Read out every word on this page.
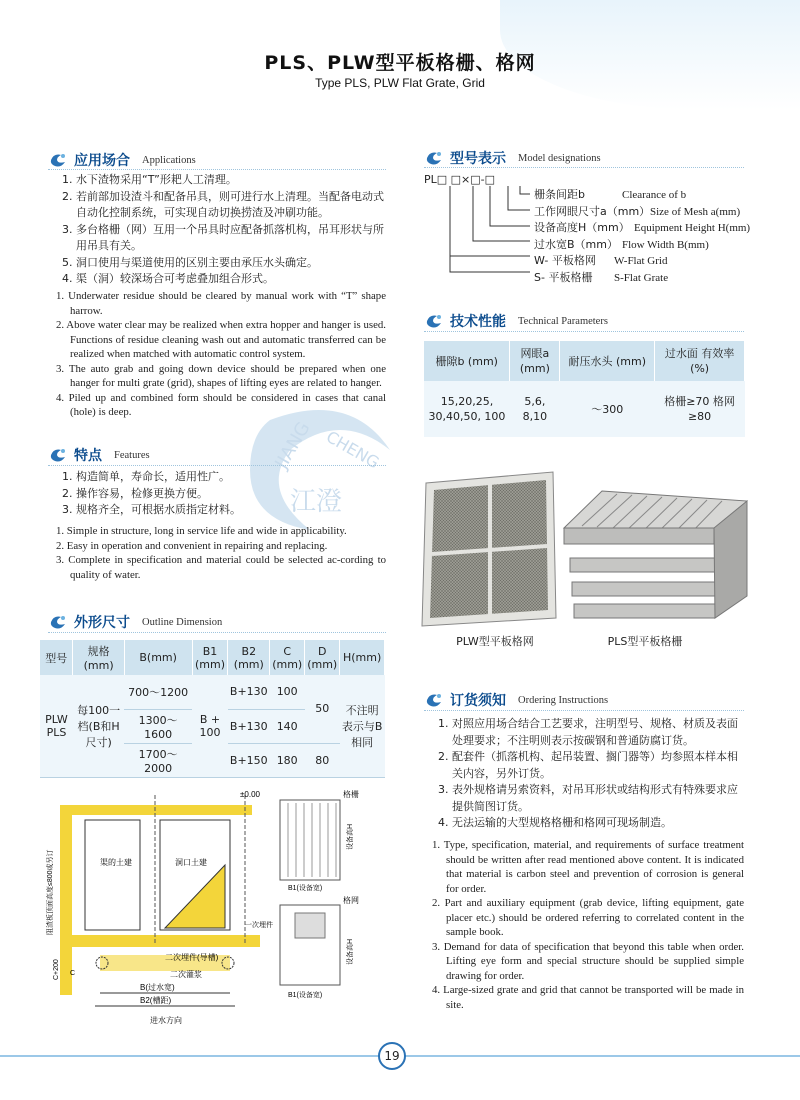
PLS、PLW型平板格栅、格网
Type PLS, PLW Flat Grate, Grid
应用场合 Applications
1. 水下渣物采用“T”形耙人工清理。
2. 若前部加设渣斗和配备吊具，则可进行水上清理。当配备电动式自动化控制系统，可实现自动切换捞渣及冲刷功能。
3. 多台格栅（网）互用一个吊具时应配备抓落机构，吊耳形状与所用吊具有关。
5. 洞口使用与渠道使用的区别主要由承压水头确定。
4. 渠（洞）较深场合可考虑叠加组合形式。
1. Underwater residue should be cleared by manual work with “T” shape harrow.
2. Above water clear may be realized when extra hopper and hanger is used. Functions of residue cleaning wash out and automatic transferred can be realized when matched with automatic control system.
3. The auto grab and going down device should be prepared when one hanger for multi grate (grid), shapes of lifting eyes are related to hanger.
4. Piled up and combined form should be considered in cases that canal (hole) is deep.
JIANG CHENG
江澄
特点 Features
1. 构造简单，寿命长，适用性广。
2. 操作容易，检修更换方便。
3. 规格齐全，可根据水质指定材料。
1. Simple in structure, long in service life and wide in applicability.
2. Easy in operation and convenient in repairing and replacing.
3. Complete in specification and material could be selected ac-cording to quality of water.
外形尺寸 Outline Dimension
型号	规格(mm)	B(mm)	B1 (mm)	B2 (mm)	C (mm)	D (mm)	H(mm)
PLW PLS	每100一档(B和H尺寸)	700～1200	B + 100	B+130	100	50	不注明表示与B相同
		1300～1600		B+130	140		
		1700～2000		B+150	180	80	
±0.00
渠的土建	洞口土建
阻渣板顶面高度≤800或另订
二次埋件(导槽)
二次灌浆
B(过水宽)
B2(槽距)
进水方向
C+200 C
格栅
设备高H
B1(设备宽)
格网
一次埋件
设备高H
B1(设备宽)
型号表示 Model designations
PL□ □×□-□
栅条间距b	Clearance of b
工作网眼尺寸a（mm）Size of Mesh a(mm)
设备高度H（mm） Equipment Height H(mm)
过水宽B（mm） Flow Width B(mm)
W- 平板格网 W-Flat Grid
S- 平板格栅 S-Flat Grate
技术性能 Technical Parameters
栅隙b (mm)	网眼a (mm)	耐压水头 (mm)	过水面 有效率(%)
15,20,25, 30,40,50, 100	5,6, 8,10	～300	格栅≥70 格网≥80
PLW型平板格网	PLS型平板格栅
订货须知 Ordering Instructions
1. 对照应用场合结合工艺要求，注明型号、规格、材质及表面处理要求；不注明则表示按碳钢和普通防腐订货。
2. 配套件（抓落机构、起吊装置、搁门器等）均参照本样本相关内容，另外订货。
3. 表外规格请另索资料，对吊耳形状或结构形式有特殊要求应提供简图订货。
4. 无法运输的大型规格格栅和格网可现场制造。
1. Type, specification, material, and requirements of surface treatment should be written after read mentioned above content. It is indicated that material is carbon steel and prevention of corrosion is general for order.
2. Part and auxiliary equipment (grab device, lifting equipment, gate placer etc.) should be ordered referring to correlated content in the sample book.
3. Demand for data of specification that beyond this table when order. Lifting eye form and special structure should be supplied simple drawing for order.
4. Large-sized grate and grid that cannot be transported will be made in site.
19
